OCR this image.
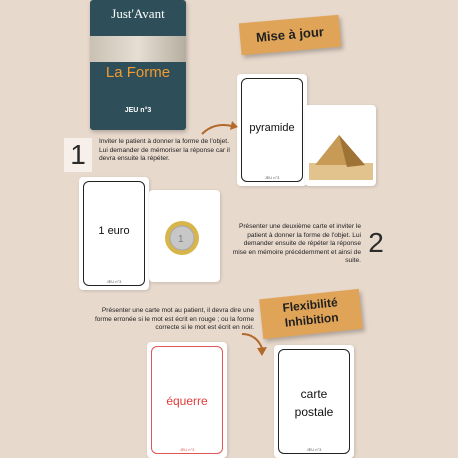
Just'Avant
La Forme
JEU n°3
Mise à jour
Flexibilité
Inhibition
1
2
Inviter le patient à donner la forme de l'objet. Lui demander de mémoriser la réponse car il devra ensuite la répéter.
Présenter une deuxième carte et inviter le patient à donner la forme de l'objet. Lui demander ensuite de répéter la réponse mise en mémoire précédemment et ainsi de suite.
Présenter une carte mot au patient, il devra dire une forme erronée si le mot est écrit en rouge ; ou la forme correcte si le mot est écrit en noir.
pyramide
JEU n°3
1 euro
JEU n°3
1
équerre
JEU n°3
carte
postale
JEU n°3
